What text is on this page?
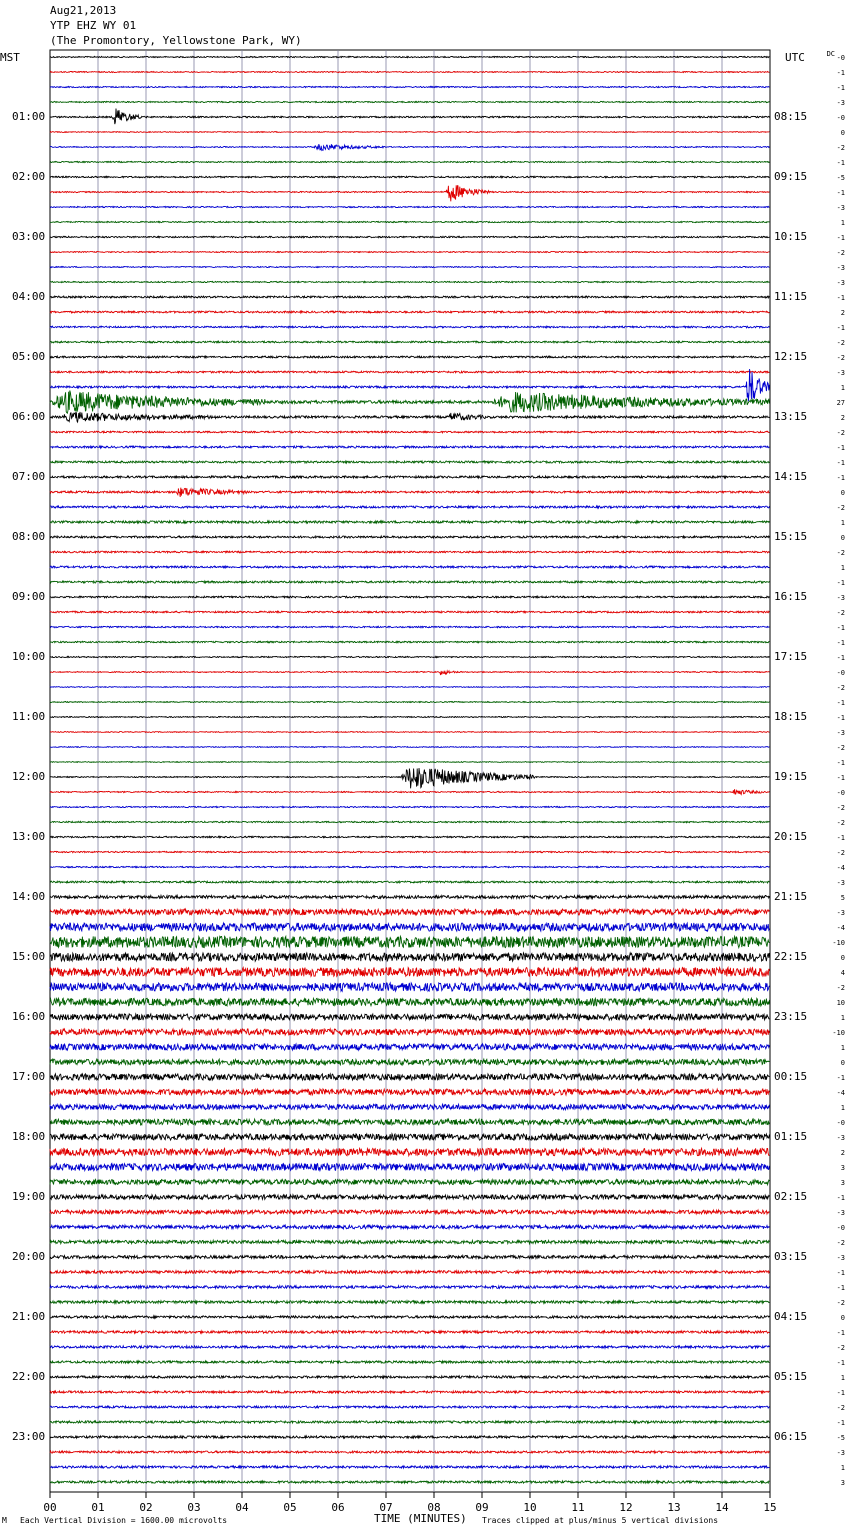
Aug21,2013
YTP EHZ WY 01
(The Promontory, Yellowstone Park, WY)
MST	UTC	DC
00	01	02	03	04	05	06	07	08	09	10	11	12	13	14	15
-0
-1
-1
-3
-0
0
-2
-1
-5
-1
-3
1
-1
-2
-3
-3
-1
2
-1
-2
-2
-3
1
27
2
-2
-1
-1
-1
0
-2
1
0
-2
1
-1
-3
-2
-1
-1
-1
-0
-2
-1
-1
-3
-2
-1
-1
-0
-2
-2
-1
-2
-4
-3
5
-3
-4
-10
0
4
-2
10
1
-10
1
0
-1
-4
1
-0
-3
2
3
3
-1
-3
-0
-2
-3
-1
-1
-2
0
-1
-2
-1
1
-1
-2
-1
-5
-3
1
3
01:00	08:15
02:00	09:15
03:00	10:15
04:00	11:15
05:00	12:15
06:00	13:15
07:00	14:15
08:00	15:15
09:00	16:15
10:00	17:15
11:00	18:15
12:00	19:15
13:00	20:15
14:00	21:15
15:00	22:15
16:00	23:15
17:00	00:15
18:00	01:15
19:00	02:15
20:00	03:15
21:00	04:15
22:00	05:15
23:00	06:15
TIME (MINUTES)
M Each Vertical Division = 1600.00 microvolts	Traces clipped at plus/minus 5 vertical divisions
